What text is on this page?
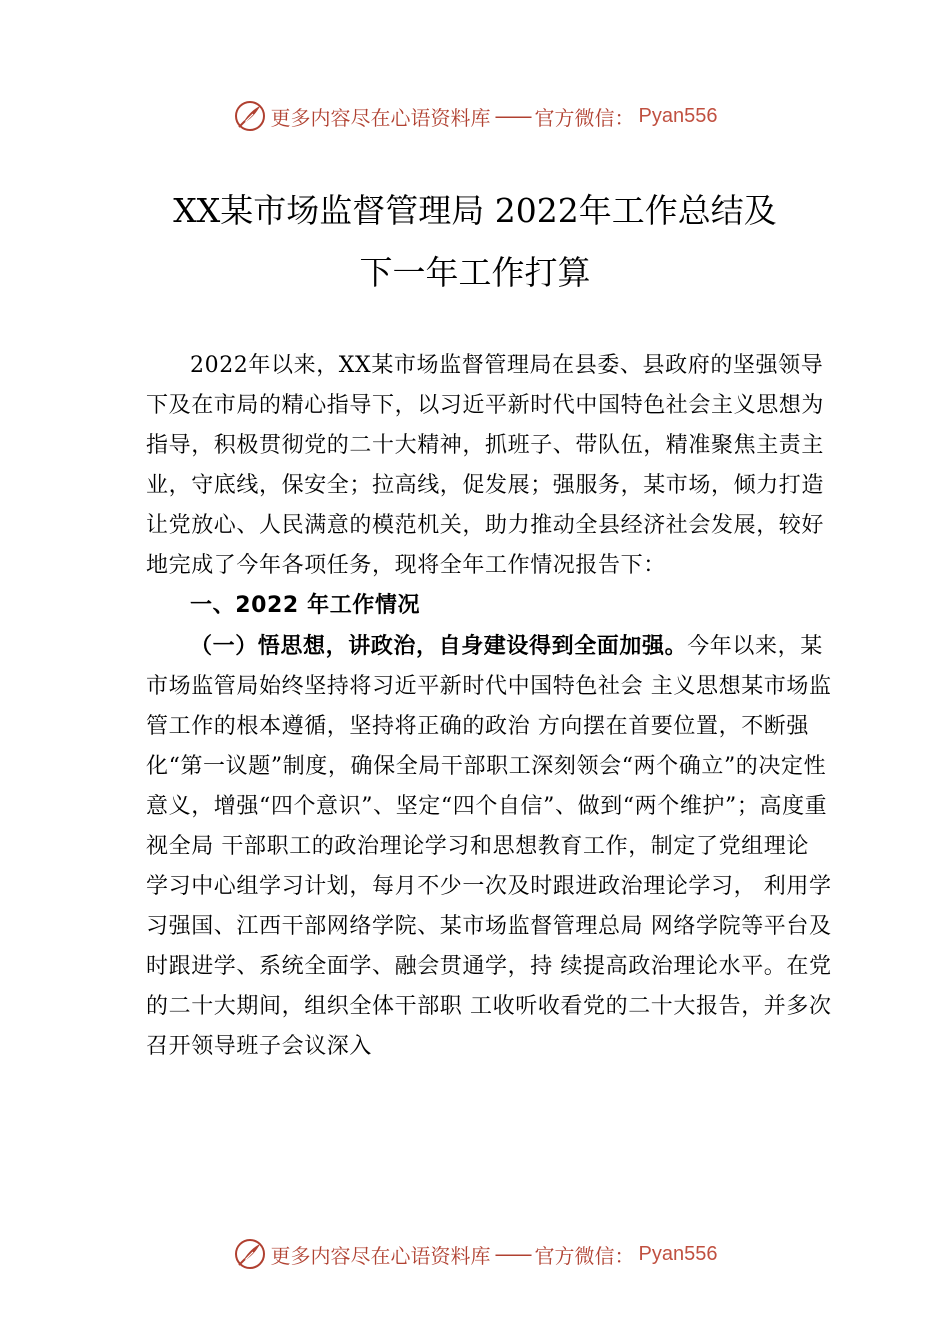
更多内容尽在心语资料库 —— 官方微信： Pyan556
XX某市场监督管理局 2022年工作总结及
下一年工作打算

2022年以来，XX某市场监督管理局在县委、县政府的坚强领导下及在市局的精心指导下，以习近平新时代中国特色社会主义思想为指导，积极贯彻党的二十大精神，抓班子、带队伍，精准聚焦主责主业，守底线，保安全；拉高线，促发展；强服务，某市场，倾力打造让党放心、人民满意的模范机关，助力推动全县经济社会发展，较好地完成了今年各项任务，现将全年工作情况报告下：

一、2022 年工作情况

（一）悟思想，讲政治，自身建设得到全面加强。今年以来，某市场监管局始终坚持将习近平新时代中国特色社会 主义思想某市场监管工作的根本遵循，坚持将正确的政治 方向摆在首要位置，不断强化“第一议题”制度，确保全局干部职工深刻领会“两个确立”的决定性意义，增强“四个意识”、坚定“四个自信”、做到“两个维护”；高度重视全局 干部职工的政治理论学习和思想教育工作，制定了党组理论 学习中心组学习计划，每月不少一次及时跟进政治理论学习， 利用学习强国、江西干部网络学院、某市场监督管理总局 网络学院等平台及时跟进学、系统全面学、融会贯通学，持 续提高政治理论水平。在党的二十大期间，组织全体干部职 工收听收看党的二十大报告，并多次召开领导班子会议深入

更多内容尽在心语资料库 —— 官方微信： Pyan556
